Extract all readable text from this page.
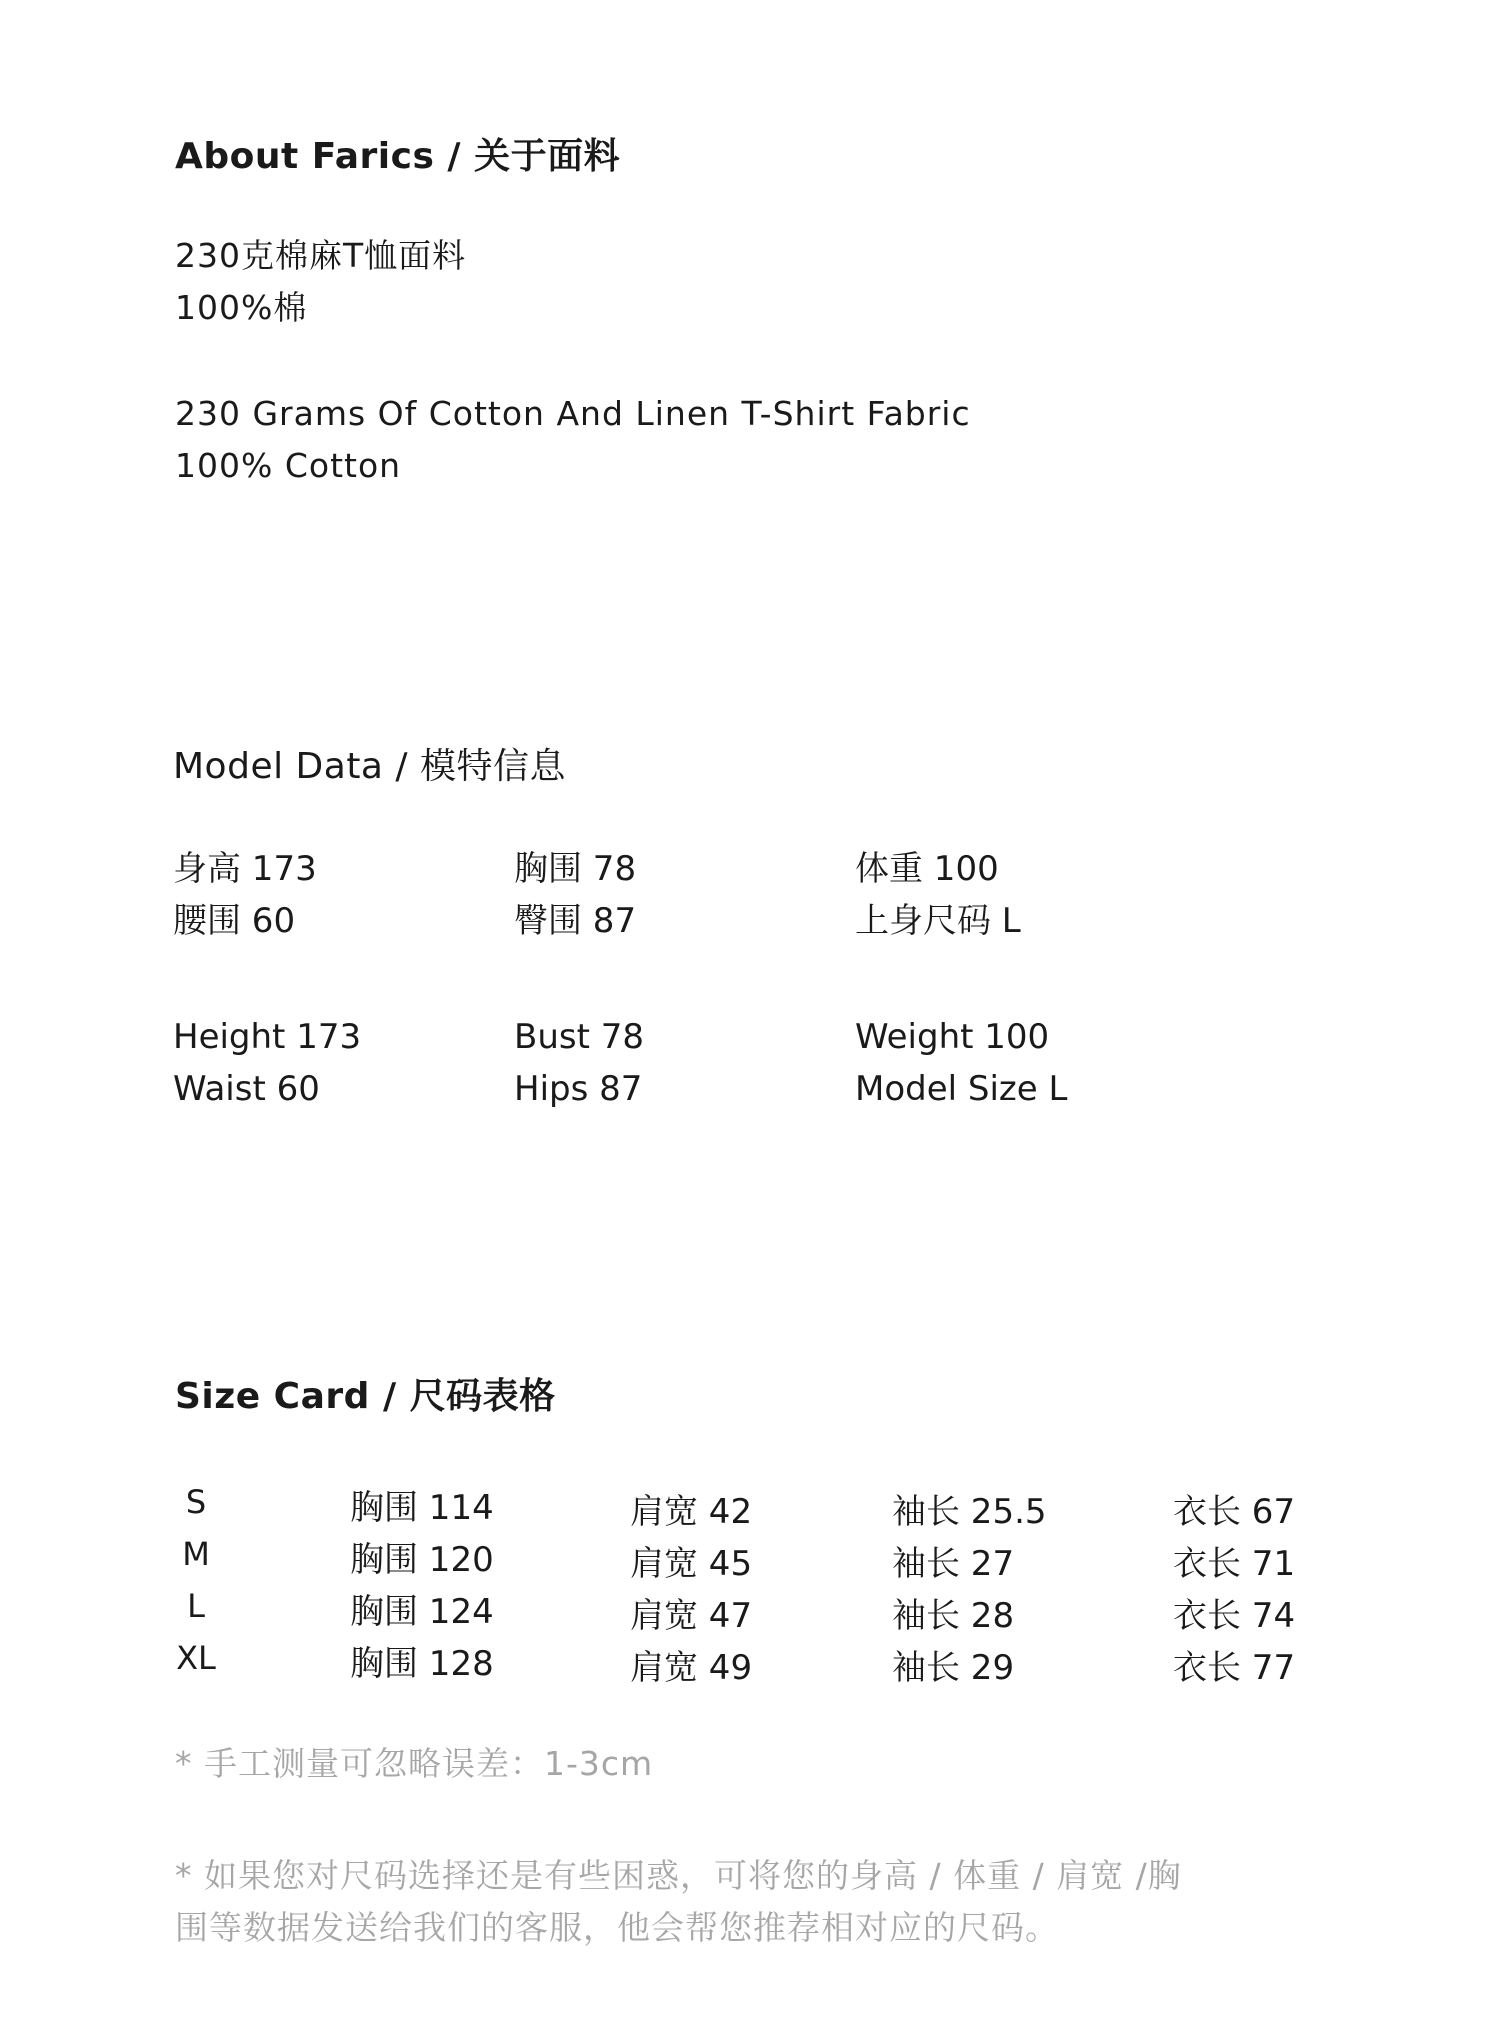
About Farics / 关于面料
230克棉麻T恤面料
100%棉
230 Grams Of Cotton And Linen T-Shirt Fabric
100% Cotton
Model Data / 模特信息
身高 173	胸围 78	体重 100
腰围 60	臀围 87	上身尺码 L
Height 173	Bust 78	Weight 100
Waist 60	Hips 87	Model Size L
Size Card / 尺码表格
S	胸围 114	肩宽 42	袖长 25.5	衣长 67
M	胸围 120	肩宽 45	袖长 27	衣长 71
L	胸围 124	肩宽 47	袖长 28	衣长 74
XL	胸围 128	肩宽 49	袖长 29	衣长 77
* 手工测量可忽略误差：1-3cm
* 如果您对尺码选择还是有些困惑，可将您的身高 / 体重 / 肩宽 /胸
围等数据发送给我们的客服，他会帮您推荐相对应的尺码。
